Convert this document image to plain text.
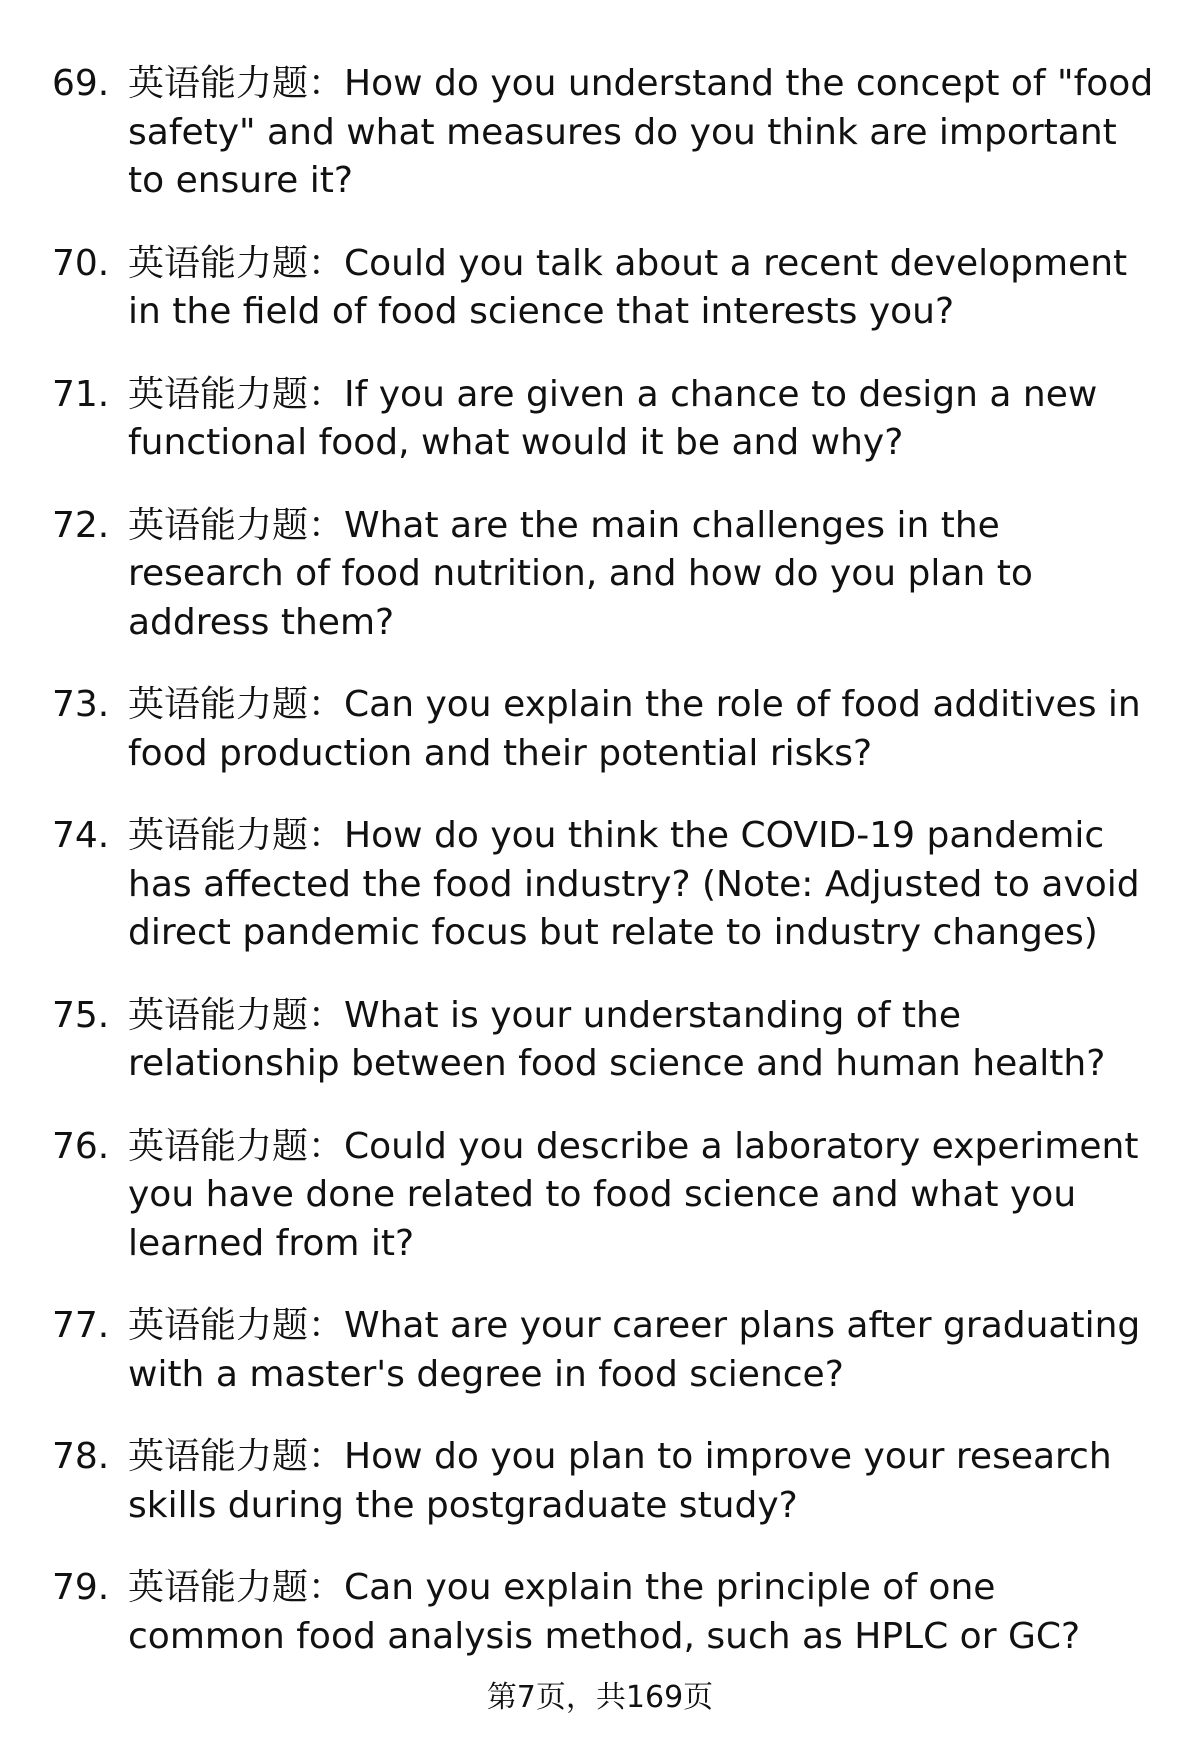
69. 英语能力题：How do you understand the concept of "food safety" and what measures do you think are important to ensure it?
70. 英语能力题：Could you talk about a recent development in the field of food science that interests you?
71. 英语能力题：If you are given a chance to design a new functional food, what would it be and why?
72. 英语能力题：What are the main challenges in the research of food nutrition, and how do you plan to address them?
73. 英语能力题：Can you explain the role of food additives in food production and their potential risks?
74. 英语能力题：How do you think the COVID-19 pandemic has affected the food industry? (Note: Adjusted to avoid direct pandemic focus but relate to industry changes)
75. 英语能力题：What is your understanding of the relationship between food science and human health?
76. 英语能力题：Could you describe a laboratory experiment you have done related to food science and what you learned from it?
77. 英语能力题：What are your career plans after graduating with a master's degree in food science?
78. 英语能力题：How do you plan to improve your research skills during the postgraduate study?
79. 英语能力题：Can you explain the principle of one common food analysis method, such as HPLC or GC?
第7页，共169页
